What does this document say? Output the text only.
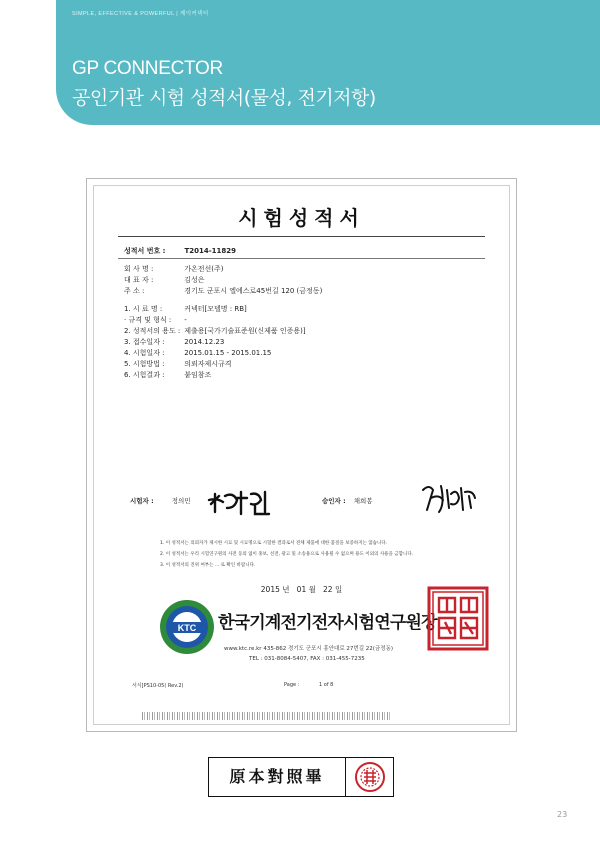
SIMPLE, EFFECTIVE & POWERFUL | 제이커넥터
GP CONNECTOR
공인기관 시험 성적서(물성, 전기저항)
시험성적서
성적서 번호 :	T2014-11829
회 사 명 :	가온전선(주)
대 표 자 :	김성은
주 소 :	경기도 군포시 엘에스로45번길 120 (금정동)
1. 시 료 명 :	커넥터[모델명 : RB]
· 규격 및 형식 : -
2. 성적서의 용도 : 제출용[국가기술표준원(신제품 인증용)]
3. 접수일자 :	2014.12.23
4. 시험일자 :	2015.01.15 - 2015.01.15
5. 시험방법 :	의뢰자제시규격
6. 시험결과 :	붙임참조
시험자 :	정의민	승인자 : 채희봉
1. 이 성적서는 의뢰자가 제시한 시료 및 시료명으로 시험한 결과로서 전체 제품에 대한 품질을 보증하지는 않습니다.
2. 이 성적서는 우리 시험연구원의 사전 동의 없이 홍보, 선전, 광고 및 소송용으로 사용될 수 없으며 용도 이외의 사용을 금합니다.
3. 이 성적서의 진위 여부는 ... 로 확인 바랍니다.
2015 년 01 월 22 일
KTC 한국기계전기전자시험연구원장
www.ktc.re.kr 435-862 경기도 군포시 흥안대로 27번길 22(금정동)
TEL : 031-8084-5407, FAX : 031-455-7235
서식[PS10-05( Rev.2)	Page :	1 of 8
原本對照畢
23
